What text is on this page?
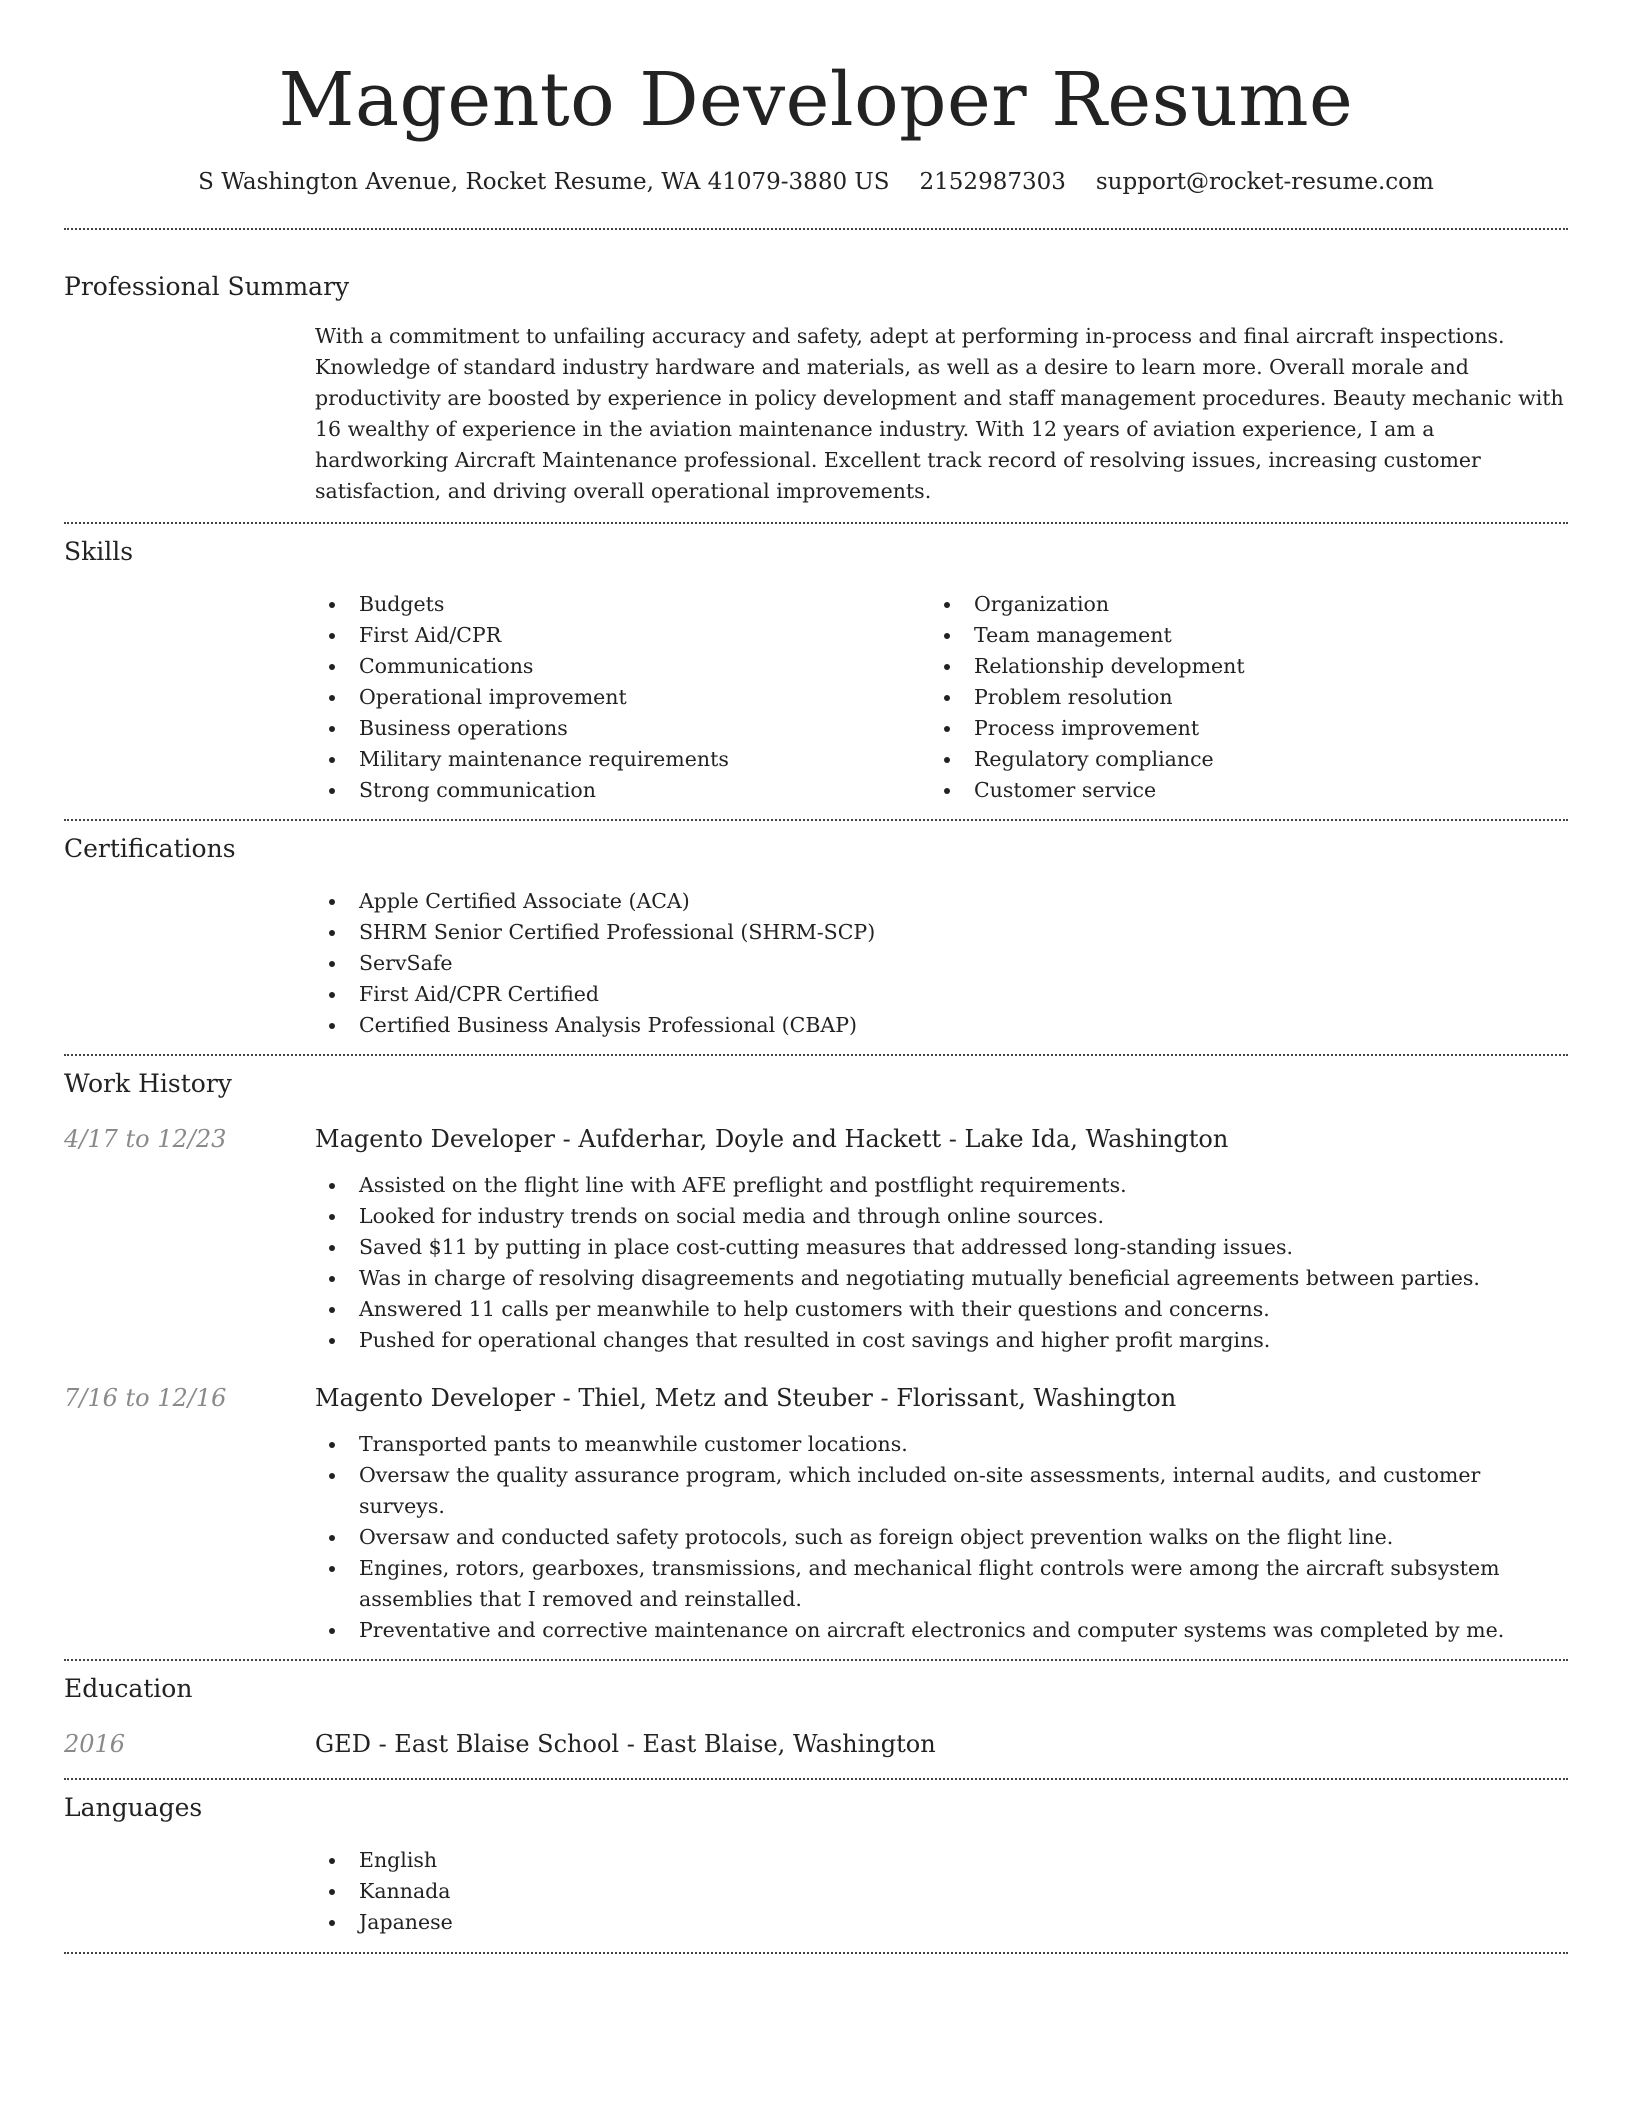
Magento Developer Resume
S Washington Avenue, Rocket Resume, WA 41079-3880 US 2152987303 support@rocket-resume.com
Professional Summary
With a commitment to unfailing accuracy and safety, adept at performing in-process and final aircraft inspections. Knowledge of standard industry hardware and materials, as well as a desire to learn more. Overall morale and productivity are boosted by experience in policy development and staff management procedures. Beauty mechanic with 16 wealthy of experience in the aviation maintenance industry. With 12 years of aviation experience, I am a hardworking Aircraft Maintenance professional. Excellent track record of resolving issues, increasing customer satisfaction, and driving overall operational improvements.
Skills
Budgets
First Aid/CPR
Communications
Operational improvement
Business operations
Military maintenance requirements
Strong communication
Organization
Team management
Relationship development
Problem resolution
Process improvement
Regulatory compliance
Customer service
Certifications
Apple Certified Associate (ACA)
SHRM Senior Certified Professional (SHRM-SCP)
ServSafe
First Aid/CPR Certified
Certified Business Analysis Professional (CBAP)
Work History
4/17 to 12/23	Magento Developer - Aufderhar, Doyle and Hackett - Lake Ida, Washington
Assisted on the flight line with AFE preflight and postflight requirements.
Looked for industry trends on social media and through online sources.
Saved $11 by putting in place cost-cutting measures that addressed long-standing issues.
Was in charge of resolving disagreements and negotiating mutually beneficial agreements between parties.
Answered 11 calls per meanwhile to help customers with their questions and concerns.
Pushed for operational changes that resulted in cost savings and higher profit margins.
7/16 to 12/16	Magento Developer - Thiel, Metz and Steuber - Florissant, Washington
Transported pants to meanwhile customer locations.
Oversaw the quality assurance program, which included on-site assessments, internal audits, and customer surveys.
Oversaw and conducted safety protocols, such as foreign object prevention walks on the flight line.
Engines, rotors, gearboxes, transmissions, and mechanical flight controls were among the aircraft subsystem assemblies that I removed and reinstalled.
Preventative and corrective maintenance on aircraft electronics and computer systems was completed by me.
Education
2016	GED - East Blaise School - East Blaise, Washington
Languages
English
Kannada
Japanese
